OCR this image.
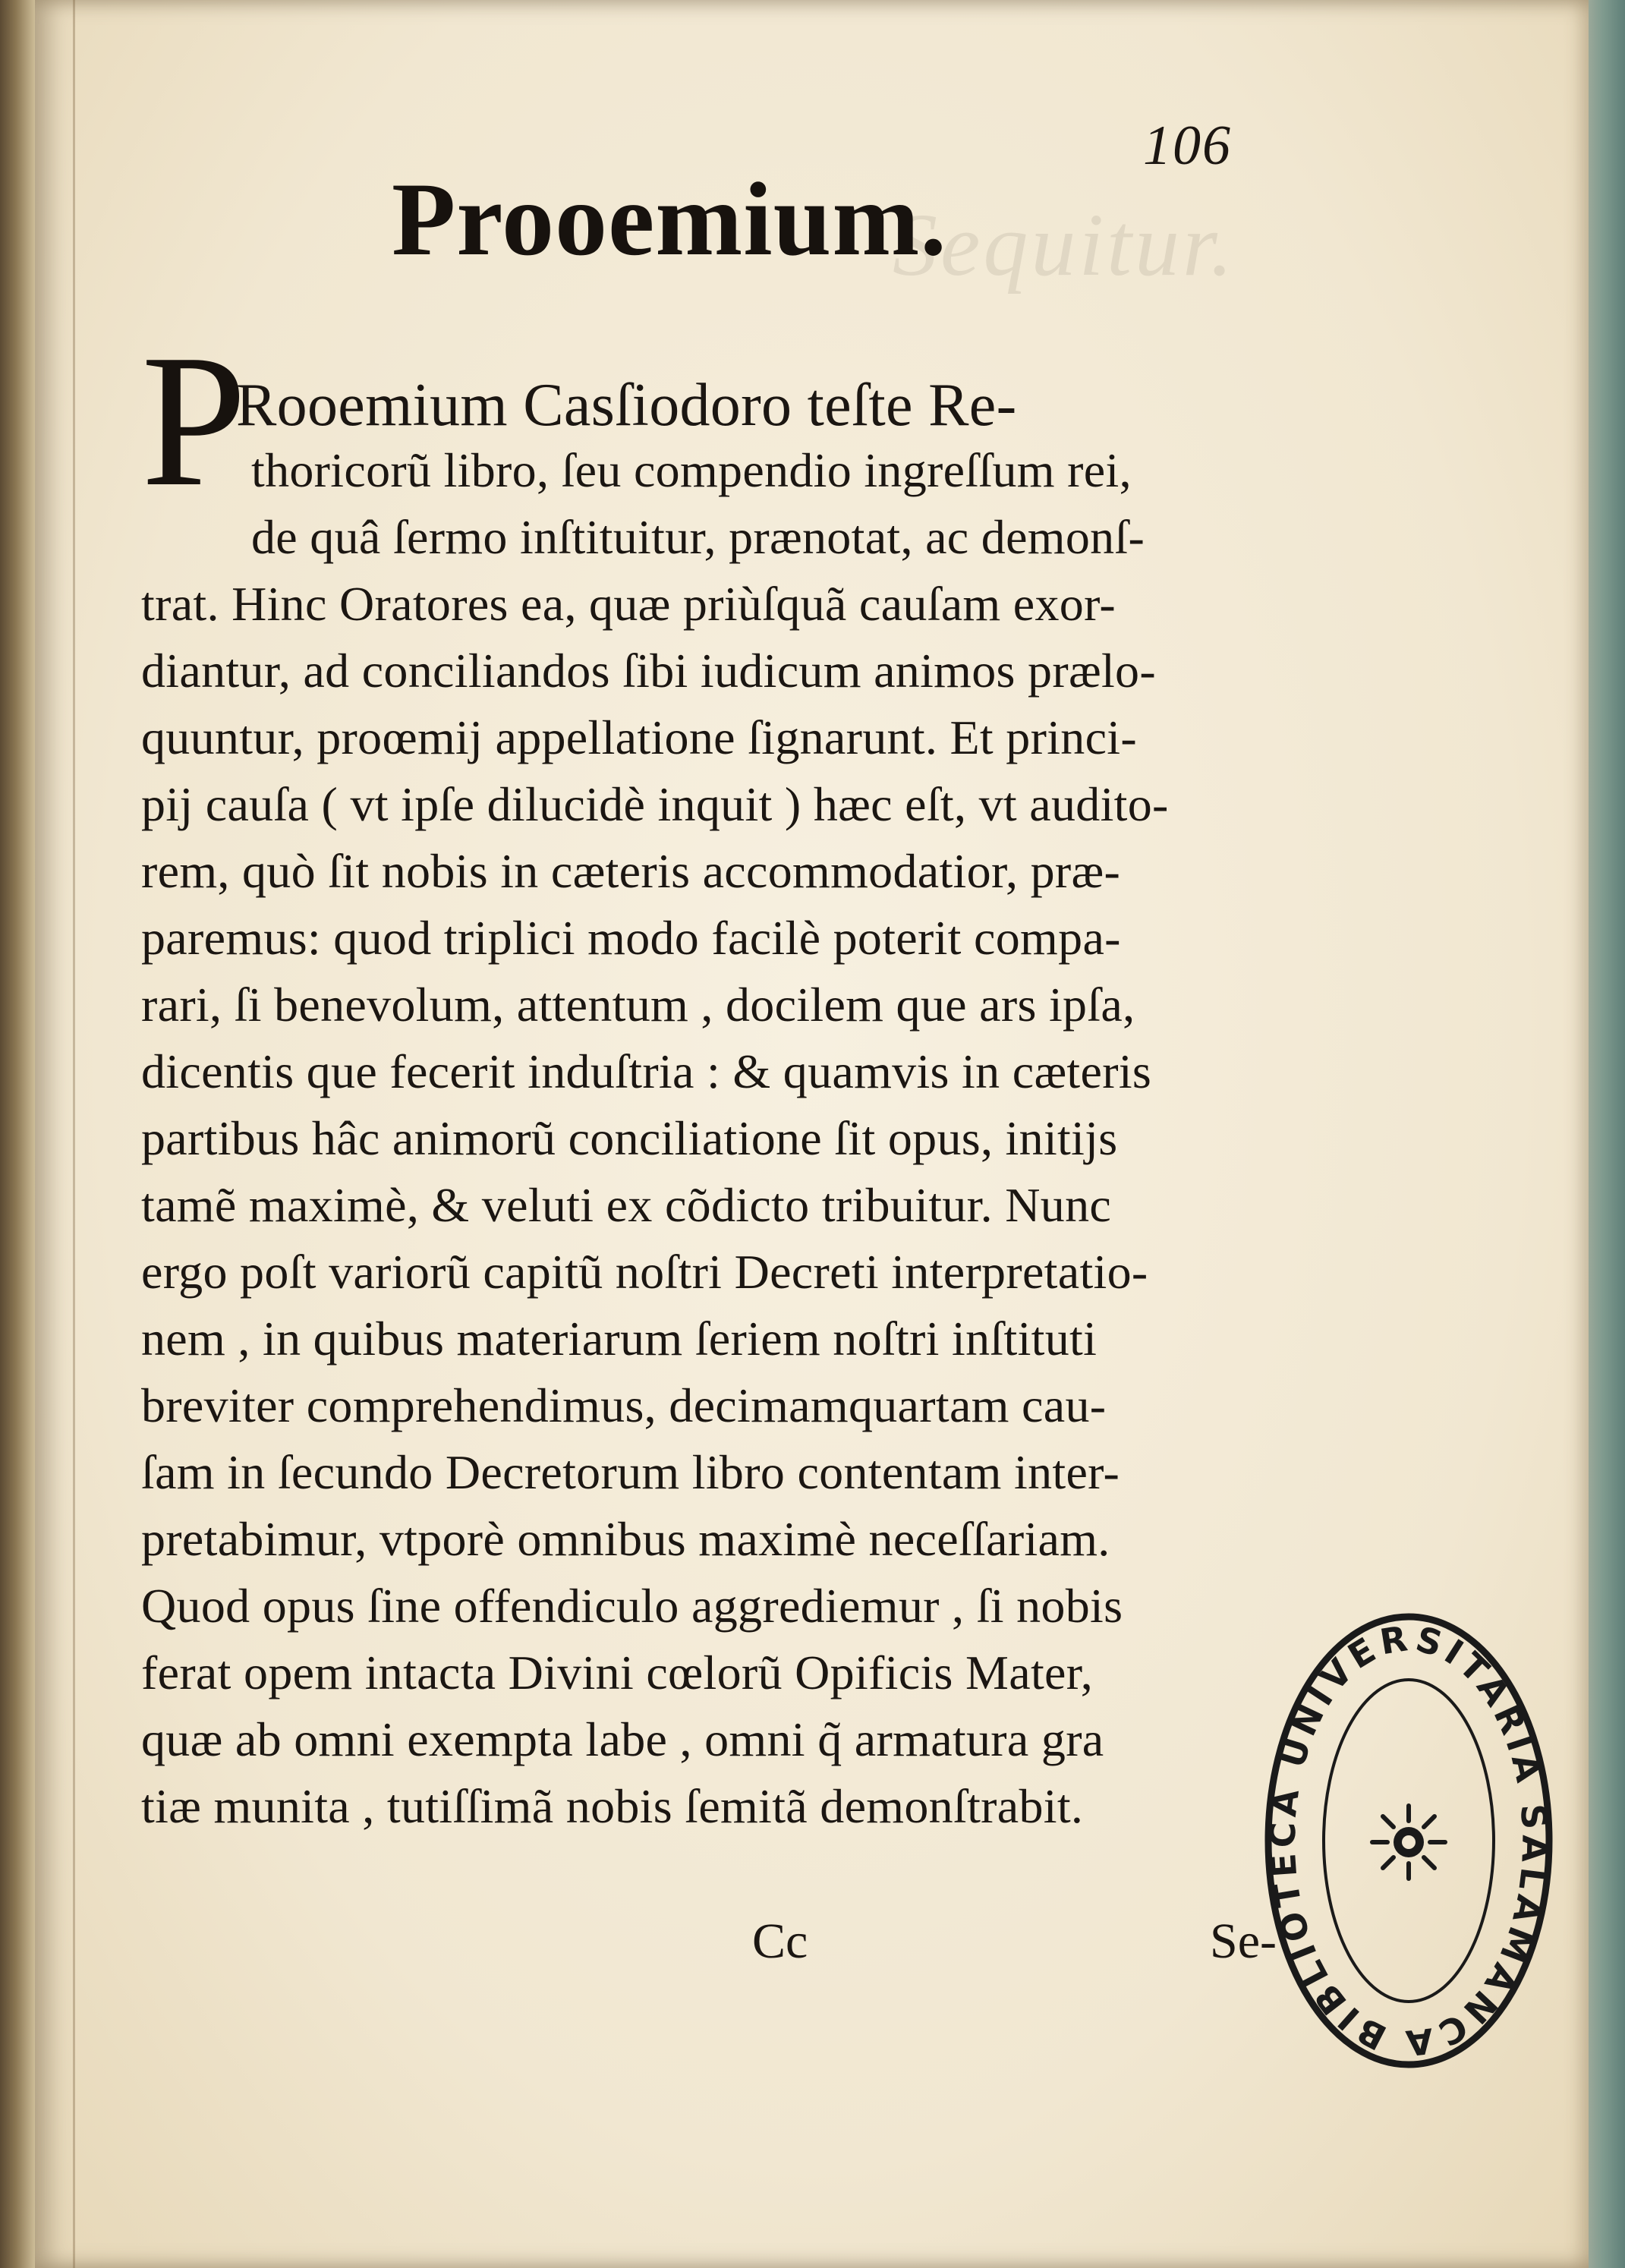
Sequitur.
106
Prooemium.
P
Rooemium Casſiodoro teſte Re-
thoricorũ libro, ſeu compendio ingreſſum rei,
de quâ ſermo inſtituitur, prænotat, ac demonſ-
trat. Hinc Oratores ea, quæ priùſquã cauſam exor-
diantur, ad conciliandos ſibi iudicum animos prælo-
quuntur, proœmij appellatione ſignarunt. Et princi-
pij cauſa ( vt ipſe dilucidè inquit ) hæc eſt, vt audito-
rem, quò ſit nobis in cæteris accommodatior, præ-
paremus: quod triplici modo facilè poterit compa-
rari, ſi benevolum, attentum , docilem que ars ipſa,
dicentis que fecerit induſtria : & quamvis in cæteris
partibus hâc animorũ conciliatione ſit opus, initijs
tamẽ maximè, & veluti ex cõdicto tribuitur. Nunc
ergo poſt variorũ capitũ noſtri Decreti interpretatio-
nem , in quibus materiarum ſeriem noſtri inſtituti
breviter comprehendimus, decimamquartam cau-
ſam in ſecundo Decretorum libro contentam inter-
pretabimur, vtporè omnibus maximè neceſſariam.
Quod opus ſine offendiculo aggrediemur , ſi nobis
ferat opem intacta Divini cœlorũ Opificis Mater,
quæ ab omni exempta labe , omni q̃ armatura gra
tiæ munita , tutiſſimã nobis ſemitã demonſtrabit.
Cc	Se-
BIBLIOTECA UNIVERSITARIA SALAMANCA
